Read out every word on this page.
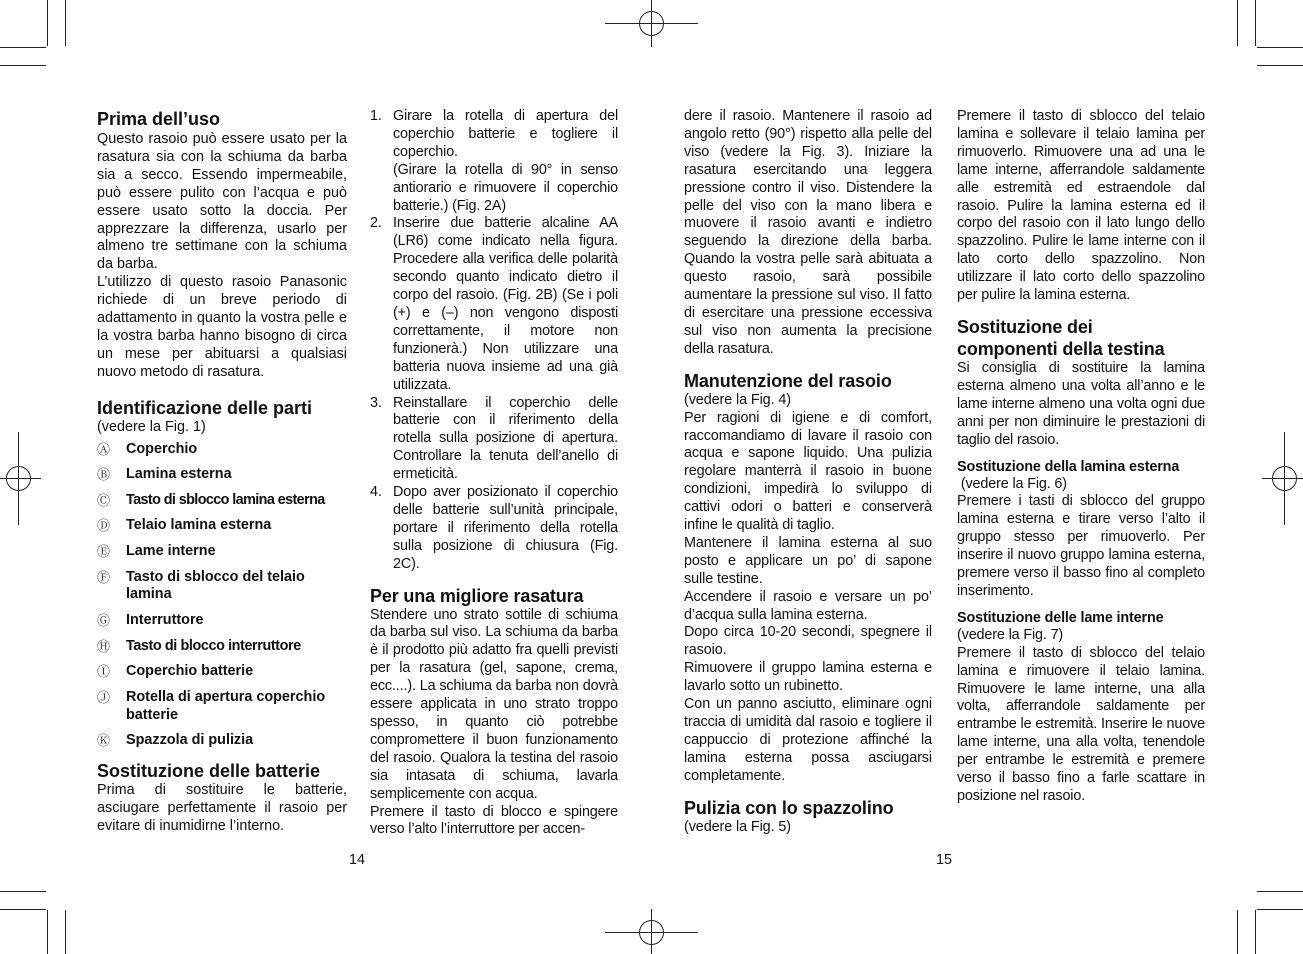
Prima dell’uso

Questo rasoio può essere usato per la rasatura sia con la schiuma da barba sia a secco. Essendo impermeabile, può essere pulito con l’acqua e può essere usato sotto la doccia. Per apprezzare la differenza, usarlo per almeno tre settimane con la schiuma da barba.

L’utilizzo di questo rasoio Panasonic richiede di un breve periodo di adattamento in quanto la vostra pelle e la vostra barba hanno bisogno di circa un mese per abituarsi a qualsiasi nuovo metodo di rasatura.

Identificazione delle parti

(vedere la Fig. 1)

Ⓐ Coperchio
Ⓑ Lamina esterna
Ⓒ Tasto di sblocco lamina esterna
Ⓓ Telaio lamina esterna
Ⓔ Lame interne
Ⓕ Tasto di sblocco del telaio lamina
Ⓖ Interruttore
Ⓗ Tasto di blocco interruttore
Ⓘ Coperchio batterie
Ⓙ Rotella di apertura coperchio batterie
Ⓚ Spazzola di pulizia
Sostituzione delle batterie

Prima di sostituire le batterie, asciugare perfettamente il rasoio per evitare di inumidirne l’interno.

1. Girare la rotella di apertura del coperchio batterie e togliere il coperchio.
(Girare la rotella di 90° in senso antiorario e rimuovere il coperchio batterie.) (Fig. 2A)
2. Inserire due batterie alcaline AA (LR6) come indicato nella figura. Procedere alla verifica delle polarità secondo quanto indicato dietro il corpo del rasoio. (Fig. 2B) (Se i poli (+) e (–) non vengono disposti correttamente, il motore non funzionerà.) Non utilizzare una batteria nuova insieme ad una già utilizzata.
3. Reinstallare il coperchio delle batterie con il riferimento della rotella sulla posizione di apertura. Controllare la tenuta dell’anello di ermeticità.
4. Dopo aver posizionato il coperchio delle batterie sull’unità principale, portare il riferimento della rotella sulla posizione di chiusura (Fig. 2C).
Per una migliore rasatura

Stendere uno strato sottile di schiuma da barba sul viso. La schiuma da barba è il prodotto più adatto fra quelli previsti per la rasatura (gel, sapone, crema, ecc....). La schiuma da barba non dovrà essere applicata in uno strato troppo spesso, in quanto ciò potrebbe compromettere il buon funzionamento del rasoio. Qualora la testina del rasoio sia intasata di schiuma, lavarla semplicemente con acqua.

Premere il tasto di blocco e spingere verso l’alto l’interruttore per accen-

14

dere il rasoio. Mantenere il rasoio ad angolo retto (90°) rispetto alla pelle del viso (vedere la Fig. 3). Iniziare la rasatura esercitando una leggera pressione contro il viso. Distendere la pelle del viso con la mano libera e muovere il rasoio avanti e indietro seguendo la direzione della barba. Quando la vostra pelle sarà abituata a questo rasoio, sarà possibile aumentare la pressione sul viso. Il fatto di esercitare una pressione eccessiva sul viso non aumenta la precisione della rasatura.

Manutenzione del rasoio

(vedere la Fig. 4)

Per ragioni di igiene e di comfort, raccomandiamo di lavare il rasoio con acqua e sapone liquido. Una pulizia regolare manterrà il rasoio in buone condizioni, impedirà lo sviluppo di cattivi odori o batteri e conserverà infine le qualità di taglio.

Mantenere il lamina esterna al suo posto e applicare un po’ di sapone sulle testine.

Accendere il rasoio e versare un po’ d’acqua sulla lamina esterna.

Dopo circa 10-20 secondi, spegnere il rasoio.

Rimuovere il gruppo lamina esterna e lavarlo sotto un rubinetto.

Con un panno asciutto, eliminare ogni traccia di umidità dal rasoio e togliere il cappuccio di protezione affinché la lamina esterna possa asciugarsi completamente.

Pulizia con lo spazzolino

(vedere la Fig. 5)

Premere il tasto di sblocco del telaio lamina e sollevare il telaio lamina per rimuoverlo. Rimuovere una ad una le lame interne, afferrandole saldamente alle estremità ed estraendole dal rasoio. Pulire la lamina esterna ed il corpo del rasoio con il lato lungo dello spazzolino. Pulire le lame interne con il lato corto dello spazzolino. Non utilizzare il lato corto dello spazzolino per pulire la lamina esterna.

Sostituzione dei componenti della testina

Si consiglia di sostituire la lamina esterna almeno una volta all’anno e le lame interne almeno una volta ogni due anni per non diminuire le prestazioni di taglio del rasoio.

Sostituzione della lamina esterna

(vedere la Fig. 6)

Premere i tasti di sblocco del gruppo lamina esterna e tirare verso l’alto il gruppo stesso per rimuoverlo. Per inserire il nuovo gruppo lamina esterna, premere verso il basso fino al completo inserimento.

Sostituzione delle lame interne

(vedere la Fig. 7)

Premere il tasto di sblocco del telaio lamina e rimuovere il telaio lamina. Rimuovere le lame interne, una alla volta, afferrandole saldamente per entrambe le estremità. Inserire le nuove lame interne, una alla volta, tenendole per entrambe le estremità e premere verso il basso fino a farle scattare in posizione nel rasoio.

15
